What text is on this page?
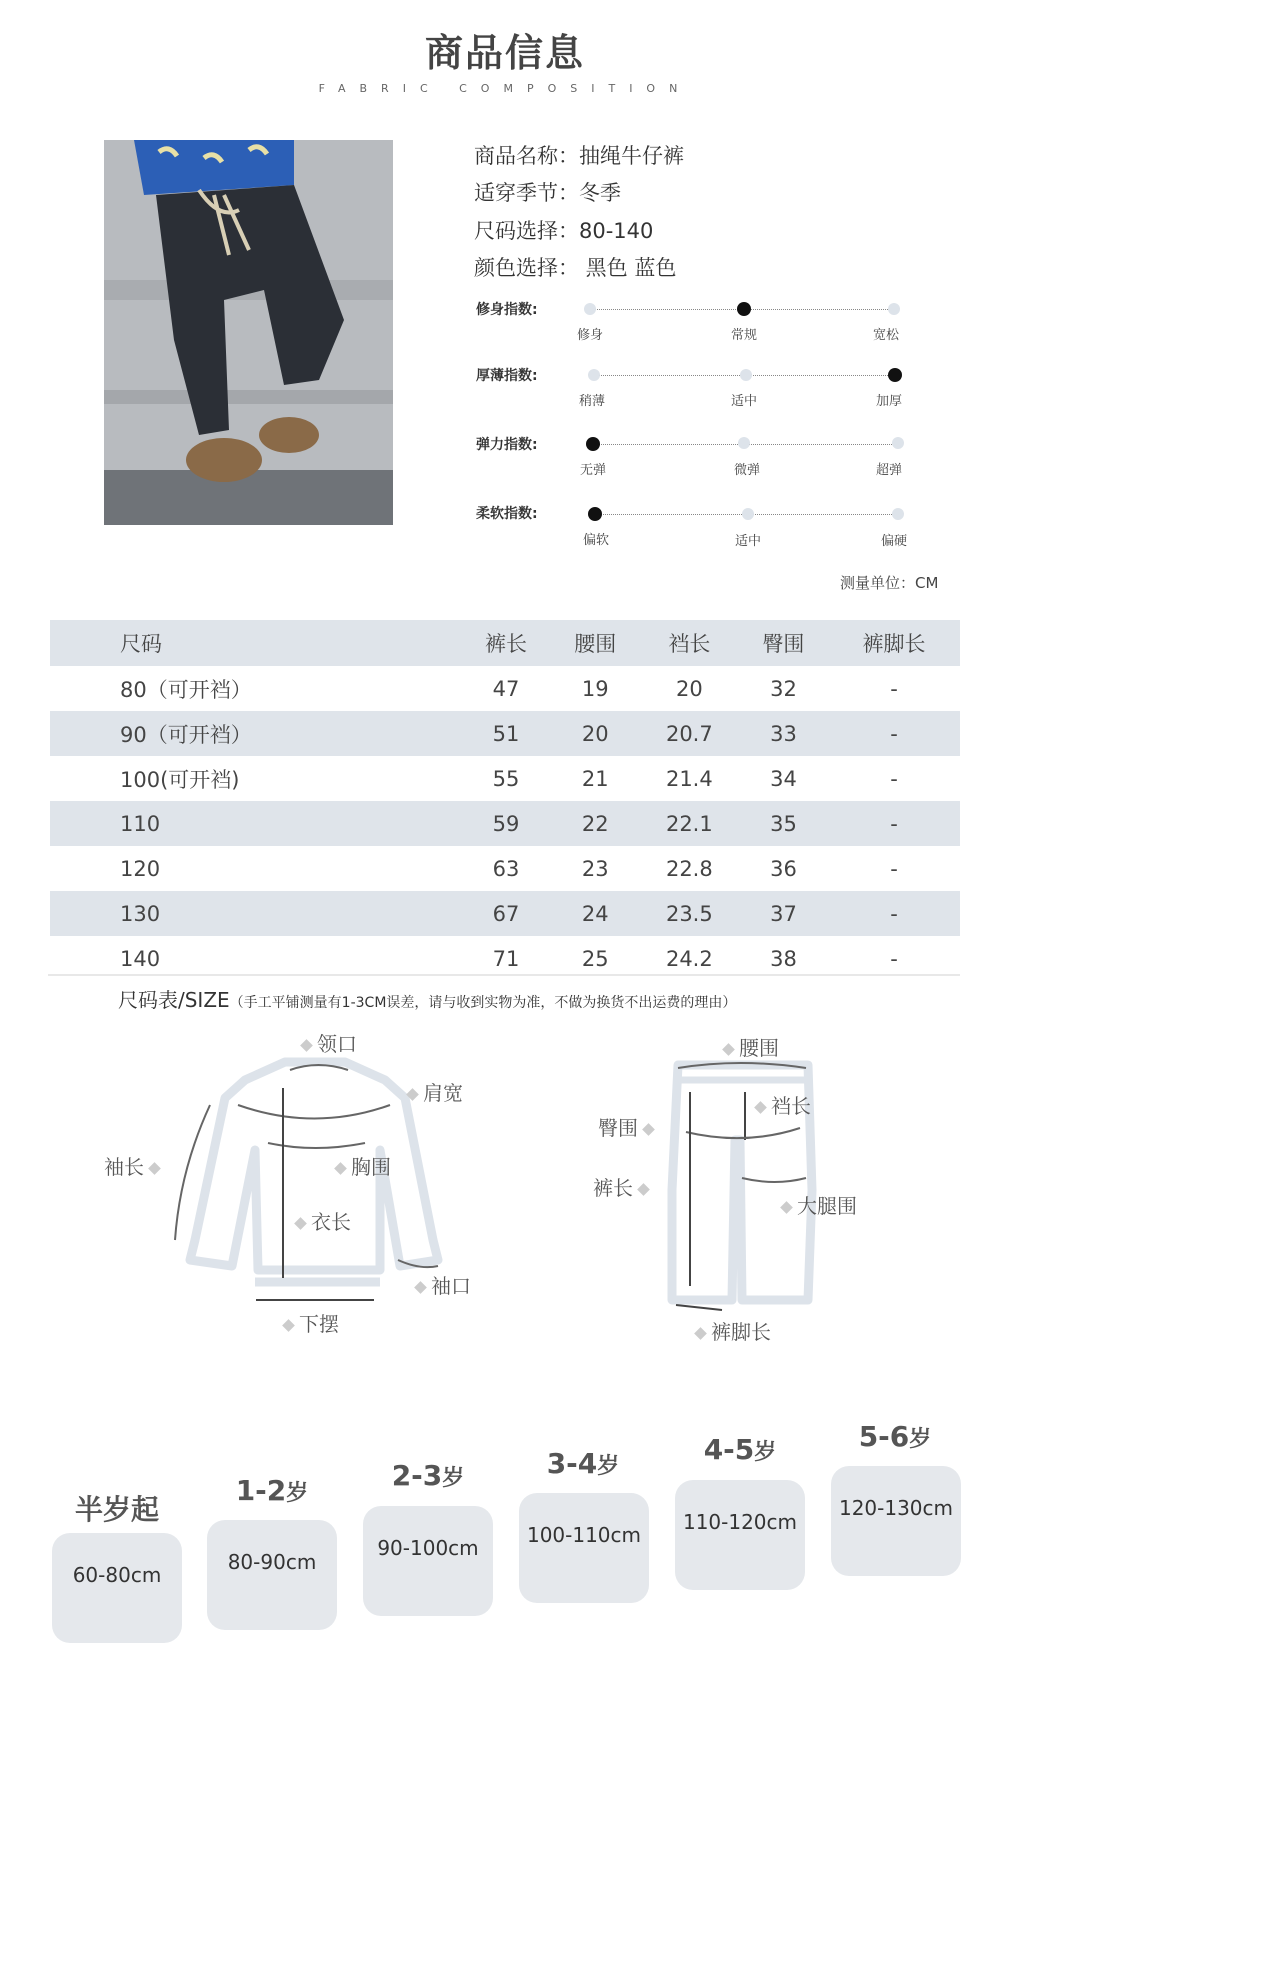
商品信息
FABRIC COMPOSITION
商品名称：抽绳牛仔裤
适穿季节：冬季
尺码选择：80-140
颜色选择： 黑色 蓝色
修身指数:
修身	常规	宽松
厚薄指数:
稍薄	适中	加厚
弹力指数:
无弹	微弹	超弹
柔软指数:
偏软	适中	偏硬
测量单位：CM
尺码	裤长	腰围	裆长	臀围	裤脚长
80（可开裆）	47	19	20	32	-
90（可开裆）	51	20	20.7	33	-
100(可开裆)	55	21	21.4	34	-
110	59	22	22.1	35	-
120	63	23	22.8	36	-
130	67	24	23.5	37	-
140	71	25	24.2	38	-
尺码表/SIZE（手工平铺测量有1-3CM误差，请与收到实物为准，不做为换货不出运费的理由）
领口
肩宽
袖长	胸围
衣长
袖口
下摆
腰围
裆长
臀围
裤长
大腿围
裤脚长
半岁起
60-80cm
1-2岁
80-90cm
2-3岁
90-100cm
3-4岁
100-110cm
4-5岁
110-120cm
5-6岁
120-130cm
